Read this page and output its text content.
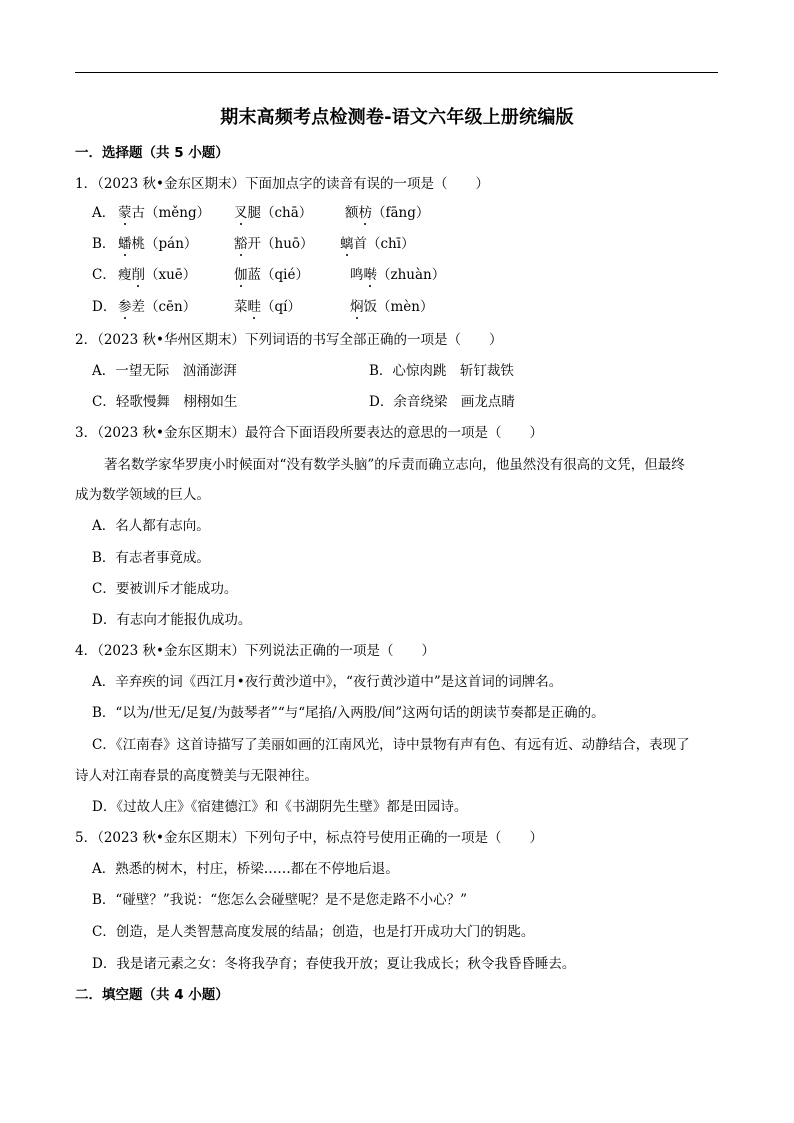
期末高频考点检测卷-语文六年级上册统编版
一．选择题（共 5 小题）
1．（2023 秋•金东区期末）下面加点字的读音有误的一项是（ ）
A． 蒙古（měng） 叉腿（chā） 额枋（fāng）
B． 蟠桃（pán）	豁开（huō） 螭首（chī）
C． 瘦削（xuē）	伽蓝（qié）	鸣啭（zhuàn）
D． 参差（cēn）	菜畦（qí）	焖饭（mèn）
2．（2023 秋•华州区期末）下列词语的书写全部正确的一项是（ ）
A．一望无际　汹涌澎湃	B．心惊肉跳　斩钉裁铁
C．轻歌慢舞　栩栩如生	D．余音绕梁　画龙点睛
3．（2023 秋•金东区期末）最符合下面语段所要表达的意思的一项是（ ）
著名数学家华罗庚小时候面对“没有数学头脑”的斥责而确立志向，他虽然没有很高的文凭，但最终
成为数学领域的巨人。
A．名人都有志向。
B．有志者事竟成。
C．要被训斥才能成功。
D．有志向才能报仇成功。
4．（2023 秋•金东区期末）下列说法正确的一项是（ ）
A．辛弃疾的词《西江月•夜行黄沙道中》，“夜行黄沙道中”是这首词的词牌名。
B．“以为/世无/足复/为鼓琴者”“与“尾掐/入两股/间”这两句话的朗读节奏都是正确的。
C．《江南春》这首诗描写了美丽如画的江南风光，诗中景物有声有色、有远有近、动静结合，表现了
诗人对江南春景的高度赞美与无限神往。
D．《过故人庄》《宿建德江》和《书湖阴先生壁》都是田园诗。
5．（2023 秋•金东区期末）下列句子中，标点符号使用正确的一项是（ ）
A．熟悉的树木，村庄，桥梁……都在不停地后退。
B．“碰壁？”我说：“您怎么会碰壁呢？是不是您走路不小心？”
C．创造，是人类智慧高度发展的结晶；创造，也是打开成功大门的钥匙。
D．我是诸元素之女：冬将我孕育；春使我开放；夏让我成长；秋令我昏昏睡去。
二．填空题（共 4 小题）
